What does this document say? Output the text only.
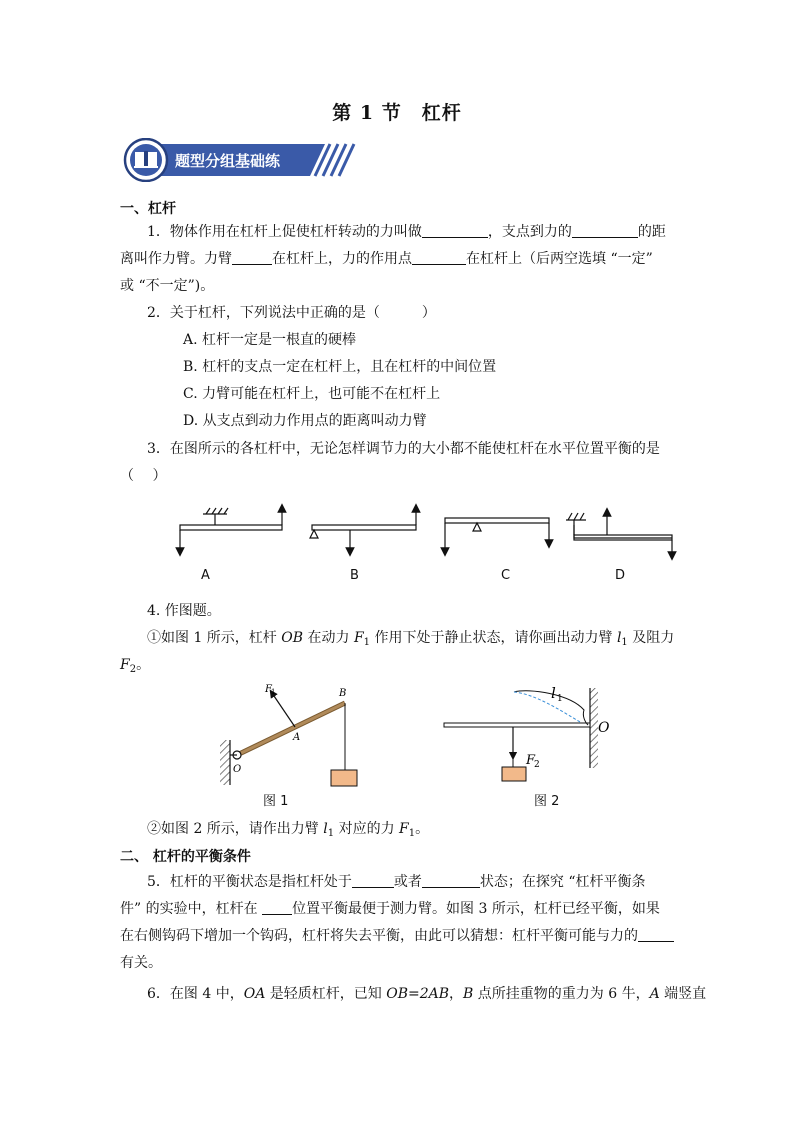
第 1 节　杠杆
题型分组基础练
一、杠杆
1．物体作用在杠杆上促使杠杆转动的力叫做	，支点到力的	的距
离叫作力臂。力臂	在杠杆上，力的作用点	在杠杆上（后两空选填 “一定”
或 “不一定”)。
2．关于杠杆，下列说法中正确的是（　　　）
A. 杠杆一定是一根直的硬棒
B. 杠杆的支点一定在杠杆上，且在杠杆的中间位置
C. 力臂可能在杠杆上，也可能不在杠杆上
D. 从支点到动力作用点的距离叫动力臂
3．在图所示的各杠杆中，无论怎样调节力的大小都不能使杠杆在水平位置平衡的是
（　 ）
A	B	C	D
4. 作图题。
①如图 1 所示，杠杆 OB 在动力 $F_1$ 作用下处于静止状态，请你画出动力臂 $l_1$ 及阻力
$F_2$。
F 1
A
B
O
图 1
l 1
O
F
2
图 2
②如图 2 所示，请作出力臂 $l_1$ 对应的力 $F_1$。
二、 杠杆的平衡条件
5．杠杆的平衡状态是指杠杆处于	或者	状态；在探究 “杠杆平衡条
件” 的实验中，杠杆在 位置平衡最便于测力臂。如图 3 所示，杠杆已经平衡，如果
在右侧钩码下增加一个钩码，杠杆将失去平衡，由此可以猜想：杠杆平衡可能与力的
有关。
6．在图 4 中，OA 是轻质杠杆，已知 OB=2AB，B 点所挂重物的重力为 6 牛，A 端竖直
